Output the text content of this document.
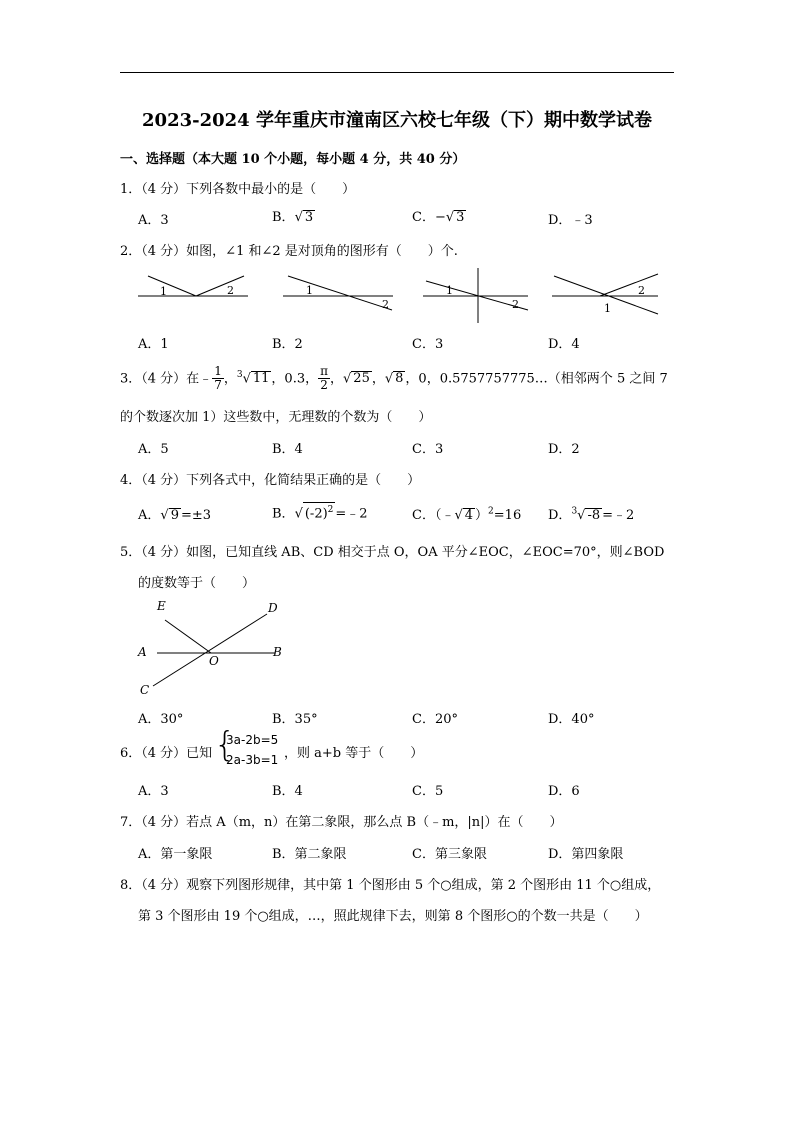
2023-2024 学年重庆市潼南区六校七年级（下）期中数学试卷
一、选择题（本大题 10 个小题，每小题 4 分，共 40 分）
1．（4 分）下列各数中最小的是（　　）
A．3	B．√ 3	C．−√ 3	D．﹣3
2．（4 分）如图，∠1 和∠2 是对顶角的图形有（　　）个.
1	2	1
2
1
2
2
1
A．1	B．2	C．3	D．4
3．（4 分）在﹣ $\frac{1}{7}$ ，$^3$√ 11 ，0.3， $\frac{\pi}{2}$ ，√ 25 ，√ 8 ，0，0.5757757775…（相邻两个 5 之间 7
的个数逐次加 1）这些数中，无理数的个数为（　　）
A．5	B．4	C．3	D．2
4．（4 分）下列各式中，化简结果正确的是（　　）
A．√ 9 =±3	B．√ $(-2)^2$ =﹣2	C．（﹣√ 4 ）$^2$=16 D．$^3$√ -8 =﹣2
5．（4 分）如图，已知直线 AB、CD 相交于点 O，OA 平分∠EOC，∠EOC=70°，则∠BOD
的度数等于（　　）
E	D
A
O
B
C
A．30°	B．35°	C．20°	D．40°
6．（4 分）已知 {
3a-2b=5
2a-3b=1 ，则 a+b 等于（　　）
A．3	B．4	C．5	D．6
7．（4 分）若点 A（m，n）在第二象限，那么点 B（﹣m，|n|）在（　　）
A．第一象限	B．第二象限	C．第三象限	D．第四象限
8．（4 分）观察下列图形规律，其中第 1 个图形由 5 个○组成，第 2 个图形由 11 个○组成，
第 3 个图形由 19 个○组成，…，照此规律下去，则第 8 个图形○的个数一共是（　　）
